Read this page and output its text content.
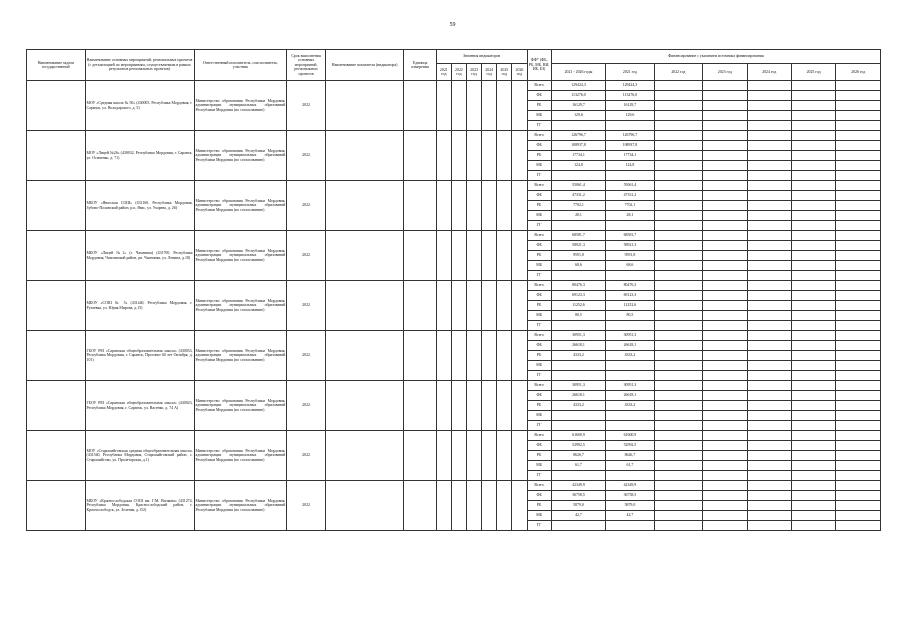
59
Наименование задачи государственной	Наименование основных мероприятий, региональных проектов (с детализацией по мероприятиям, осуществляемым в рамках результатов региональных проектов)	Ответственный исполнитель, соисполнитель, участник	Срок выполнения основных мероприятий, региональных проектов	Наименование показателя (индикатора)	Единица измерения	Значения индикаторов						ФФ* (ФБ, РБ, МБ, ВИ, ИБ, БЗ)	Финансирование с указанием источника финансирования						
						2021 год	2022 год	2023 год	2024 год	2025 год	2026 год		2021 - 2026 годы	2021 год	2022 год	2023 год	2024 год	2025 год	2026 год
	МОУ «Средняя школа № 50» (430005, Республика Мордовия, г. Саранск, ул. Володарского, д. 5)	Министерство образования Республики Мордовия, администрации муниципальных образований Республики Мордовия (по согласованию)	2022									Всего	129424,3	129424,3					
												ФБ	113276,0	113276,0					
												РБ	16129,7	16129,7					
												МБ	129,6	129,6					
												ГГ							
	МОУ «Лицей №26» (430032, Республика Мордовия, г. Саранск, ул. Осипенко, д. 71)	Министерство образования Республики Мордовия, администрации муниципальных образований Республики Мордовия (по согласованию)	2022									Всего	126796,7	126796,7					
												ФБ	108937,8	108937,8					
												РБ	17734,1	17734,1					
												МБ	124,8	124,8					
												ГГ							
	МБОУ «Явасская СОШ» (431160, Республика Мордовия, Зубово-Полянский район, р.п. Явас, ул. Ухарева, д. 26)	Министерство образования Республики Мордовия, администрации муниципальных образований Республики Мордовия (по согласованию)	2022									Всего	55061,4	55061,4					
												ФБ	47331,2	47331,2					
												РБ	7702,1	7702,1					
												МБ	28,1	28,1					
												ГГ							
	МБОУ «Лицей №1» (г. Чамзинка) (431700, Республика Мордовия, Чамзинский район, рп. Чамзинка, ул. Ленина, д.18)	Министерство образования Республики Мордовия, администрации муниципальных образований Республики Мордовия (по согласованию)	2022									Всего	68581,7	68581,7					
												ФБ	58921,3	58921,3					
												РБ	9591,8	9591,8					
												МБ	68,6	68,6					
												ГГ							
	МБОУ «СОШ № 5» (431440, Республика Мордовия, г. Рузаевка, ул. Юрия Мирова, д.15)	Министерство образования Республики Мордовия, администрации муниципальных образований Республики Мордовия (по согласованию)	2022									Всего	80476,3	80476,3					
												ФБ	69123,3	69123,3					
												РБ	11252,6	11252,6					
												МБ	80,5	80,5					
												ГГ							
	ГБОУ РМ «Саранская общеобразовательная школа» (430033, Республика Мордовия, г. Саранск, Проспект 60 лет Октября, д. 101)	Министерство образования Республики Мордовия, администрации муниципальных образований Республики Мордовия (по согласованию)	2022									Всего	30951,3	30951,3					
												ФБ	26618,1	26618,1					
												РБ	4333,2	4333,2					
												МБ							
												ГГ							
	ГБОУ РМ «Саранская общеобразовательная школа» (430023, Республика Мордовия, г. Саранск, ул. Васенко, д. 74 А)	Министерство образования Республики Мордовия, администрации муниципальных образований Республики Мордовия (по согласованию)	2022									Всего	30951,3	30951,3					
												ФБ	26618,1	26618,1					
												РБ	4333,2	4333,2					
												МБ							
												ГГ							
	МОУ «Старошайговская средняя общеобразовательная школа» (431540, Республика Мордовия, Старошайговский район, с. Старошайгово, ул. Пролетарская, д.1)	Министерство образования Республики Мордовия, администрации муниципальных образований Республики Мордовия (по согласованию)	2022									Всего	61600,9	61600,9					
												ФБ	52992,5	52992,5					
												РБ	8626,7	8626,7					
												МБ	61,7	61,7					
												ГГ							
	МБОУ «Краснослободская СОШ им. Г.М. Вилкова» (431274, Республика Мордовия, Краснослободский район, г. Краснослободск, ул. Зеленая, д.152)	Министерство образования Республики Мордовия, администрации муниципальных образований Республики Мордовия (по согласованию)	2022									Всего	42349,9	42349,9					
												ФБ	36758,5	36758,5					
												РБ	5879,0	5879,0					
												МБ	42,7	42,7					
												ГГ							
